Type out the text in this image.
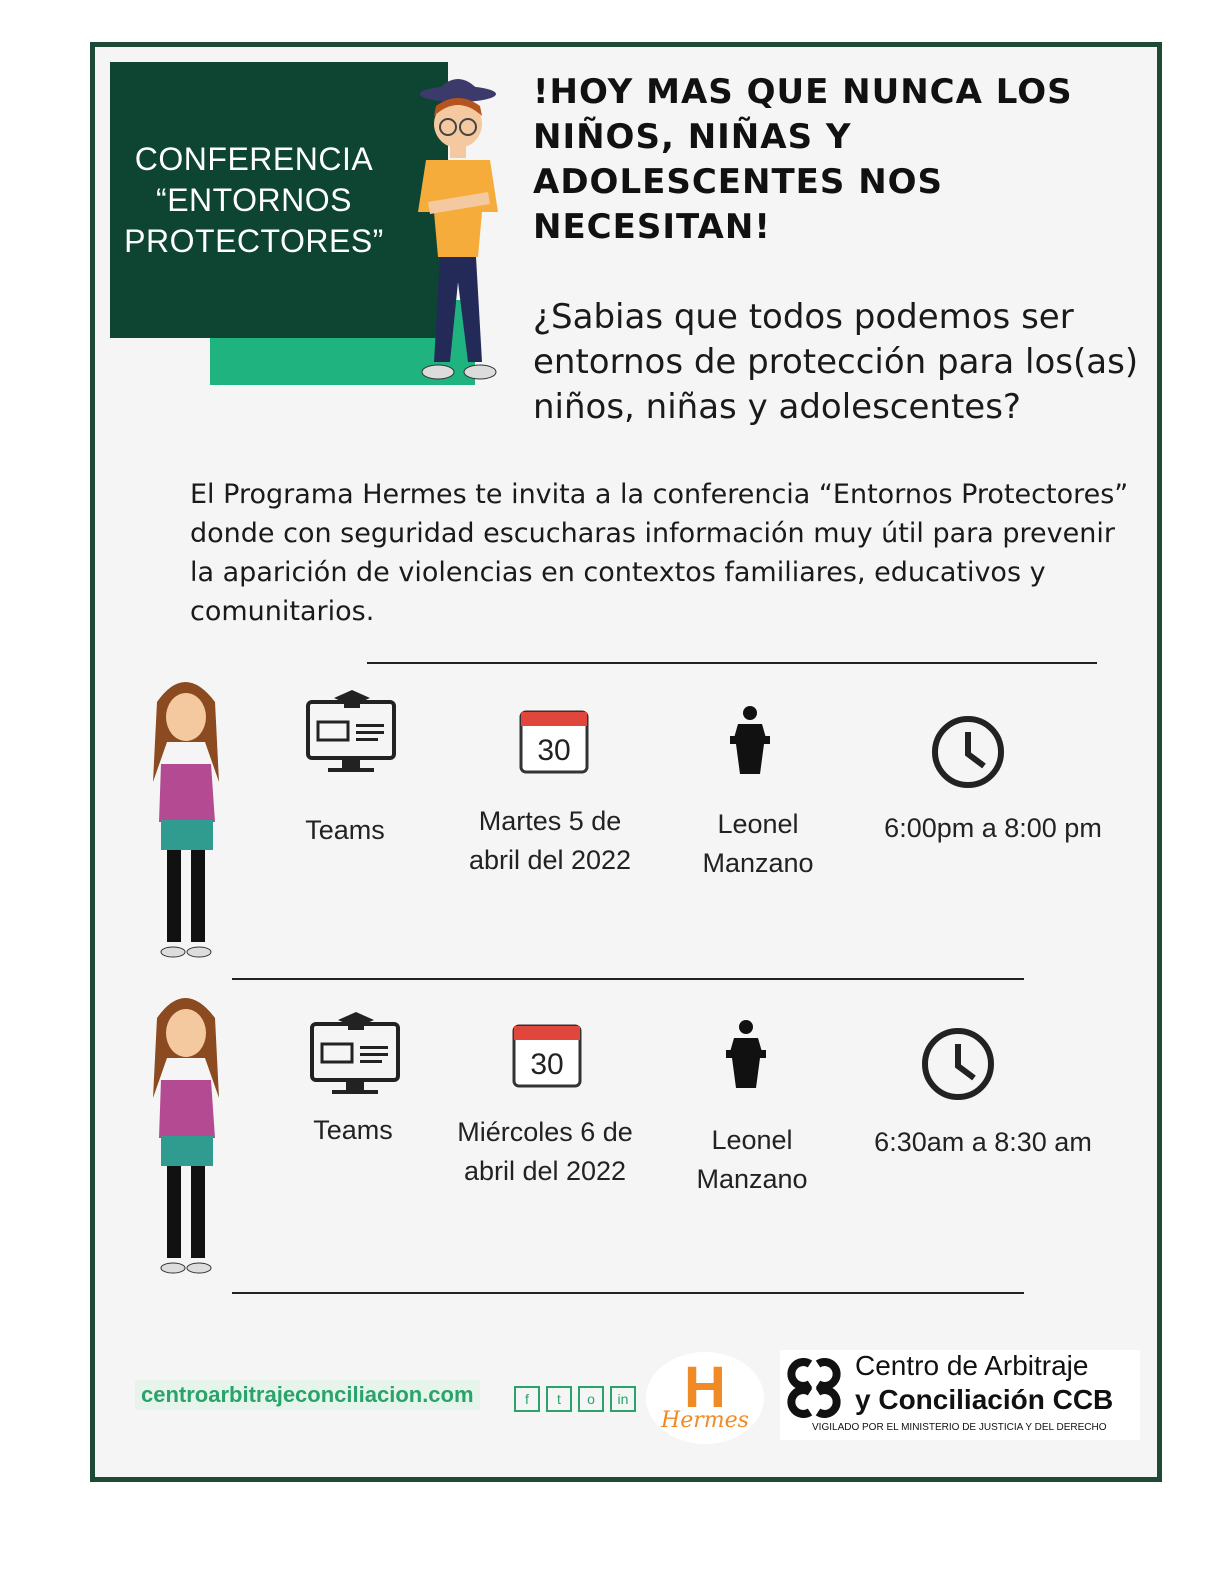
CONFERENCIA
“ENTORNOS
PROTECTORES”
!HOY MAS QUE NUNCA LOS NIÑOS, NIÑAS Y ADOLESCENTES NOS NECESITAN!
¿Sabias que todos podemos ser entornos de protección para los(as) niños, niñas y adolescentes?
El Programa Hermes te invita a la conferencia “Entornos Protectores” donde con seguridad escucharas información muy útil para prevenir la aparición de violencias en contextos familiares, educativos y comunitarios.
30
Teams	Martes 5 de abril del 2022
Leonel Manzano
6:00pm a 8:00 pm
30
Teams	Miércoles 6 de abril del 2022
Leonel Manzano
6:30am a 8:30 am
centroarbitrajeconciliacion.com	f	t	o	in H
Hermes
Centro de Arbitraje
y Conciliación CCB
VIGILADO POR EL MINISTERIO DE JUSTICIA Y DEL DERECHO
